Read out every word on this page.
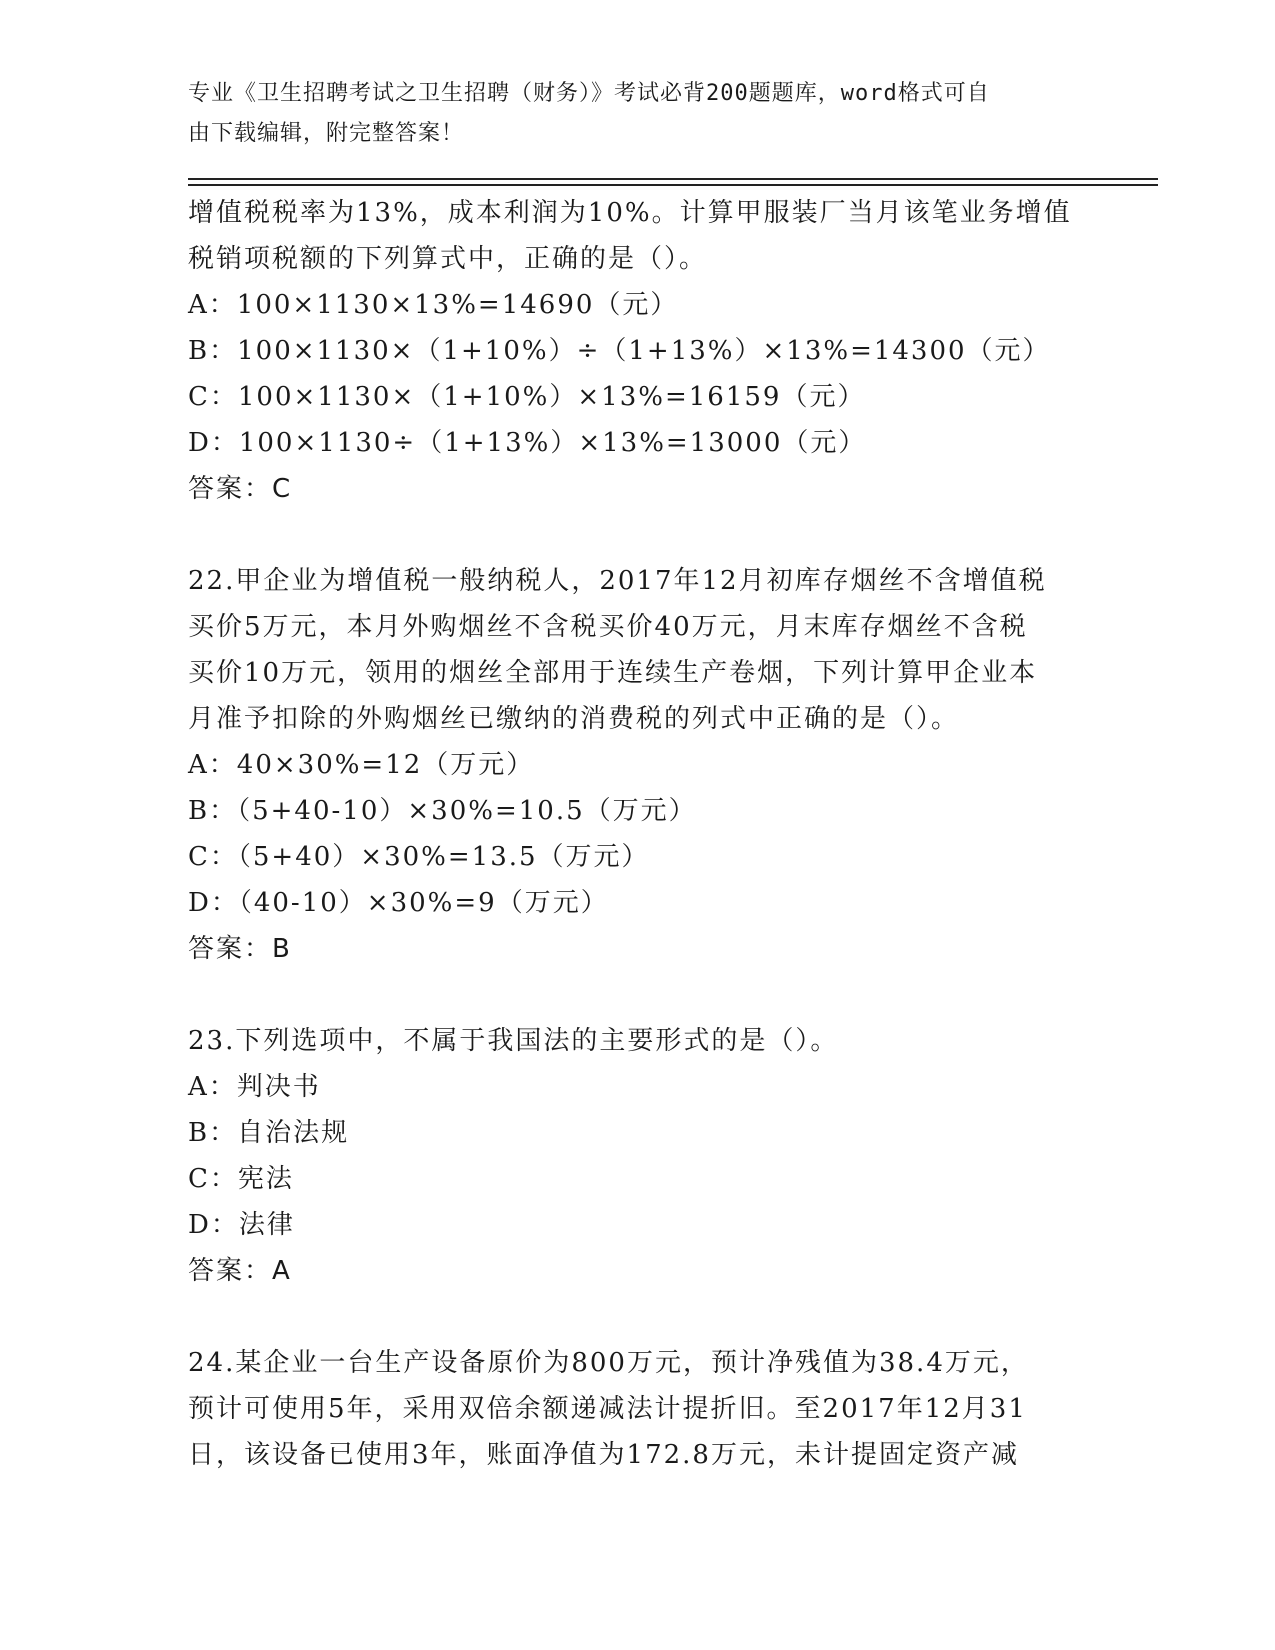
专业《卫生招聘考试之卫生招聘（财务）》考试必背200题题库，word格式可自
由下载编辑，附完整答案！
增值税税率为13%，成本利润为10%。计算甲服装厂当月该笔业务增值
税销项税额的下列算式中，正确的是（）。
A：100×1130×13%=14690（元）
B：100×1130×（1+10%）÷（1+13%）×13%=14300（元）
C：100×1130×（1+10%）×13%=16159（元）
D：100×1130÷（1+13%）×13%=13000（元）
答案：C
22.甲企业为增值税一般纳税人，2017年12月初库存烟丝不含增值税
买价5万元，本月外购烟丝不含税买价40万元，月末库存烟丝不含税
买价10万元，领用的烟丝全部用于连续生产卷烟，下列计算甲企业本
月准予扣除的外购烟丝已缴纳的消费税的列式中正确的是（）。
A：40×30%=12（万元）
B：（5+40-10）×30%=10.5（万元）
C：（5+40）×30%=13.5（万元）
D：（40-10）×30%=9（万元）
答案：B
23.下列选项中，不属于我国法的主要形式的是（）。
A：判决书
B：自治法规
C：宪法
D：法律
答案：A
24.某企业一台生产设备原价为800万元，预计净残值为38.4万元，
预计可使用5年，采用双倍余额递减法计提折旧。至2017年12月31
日，该设备已使用3年，账面净值为172.8万元，未计提固定资产减
